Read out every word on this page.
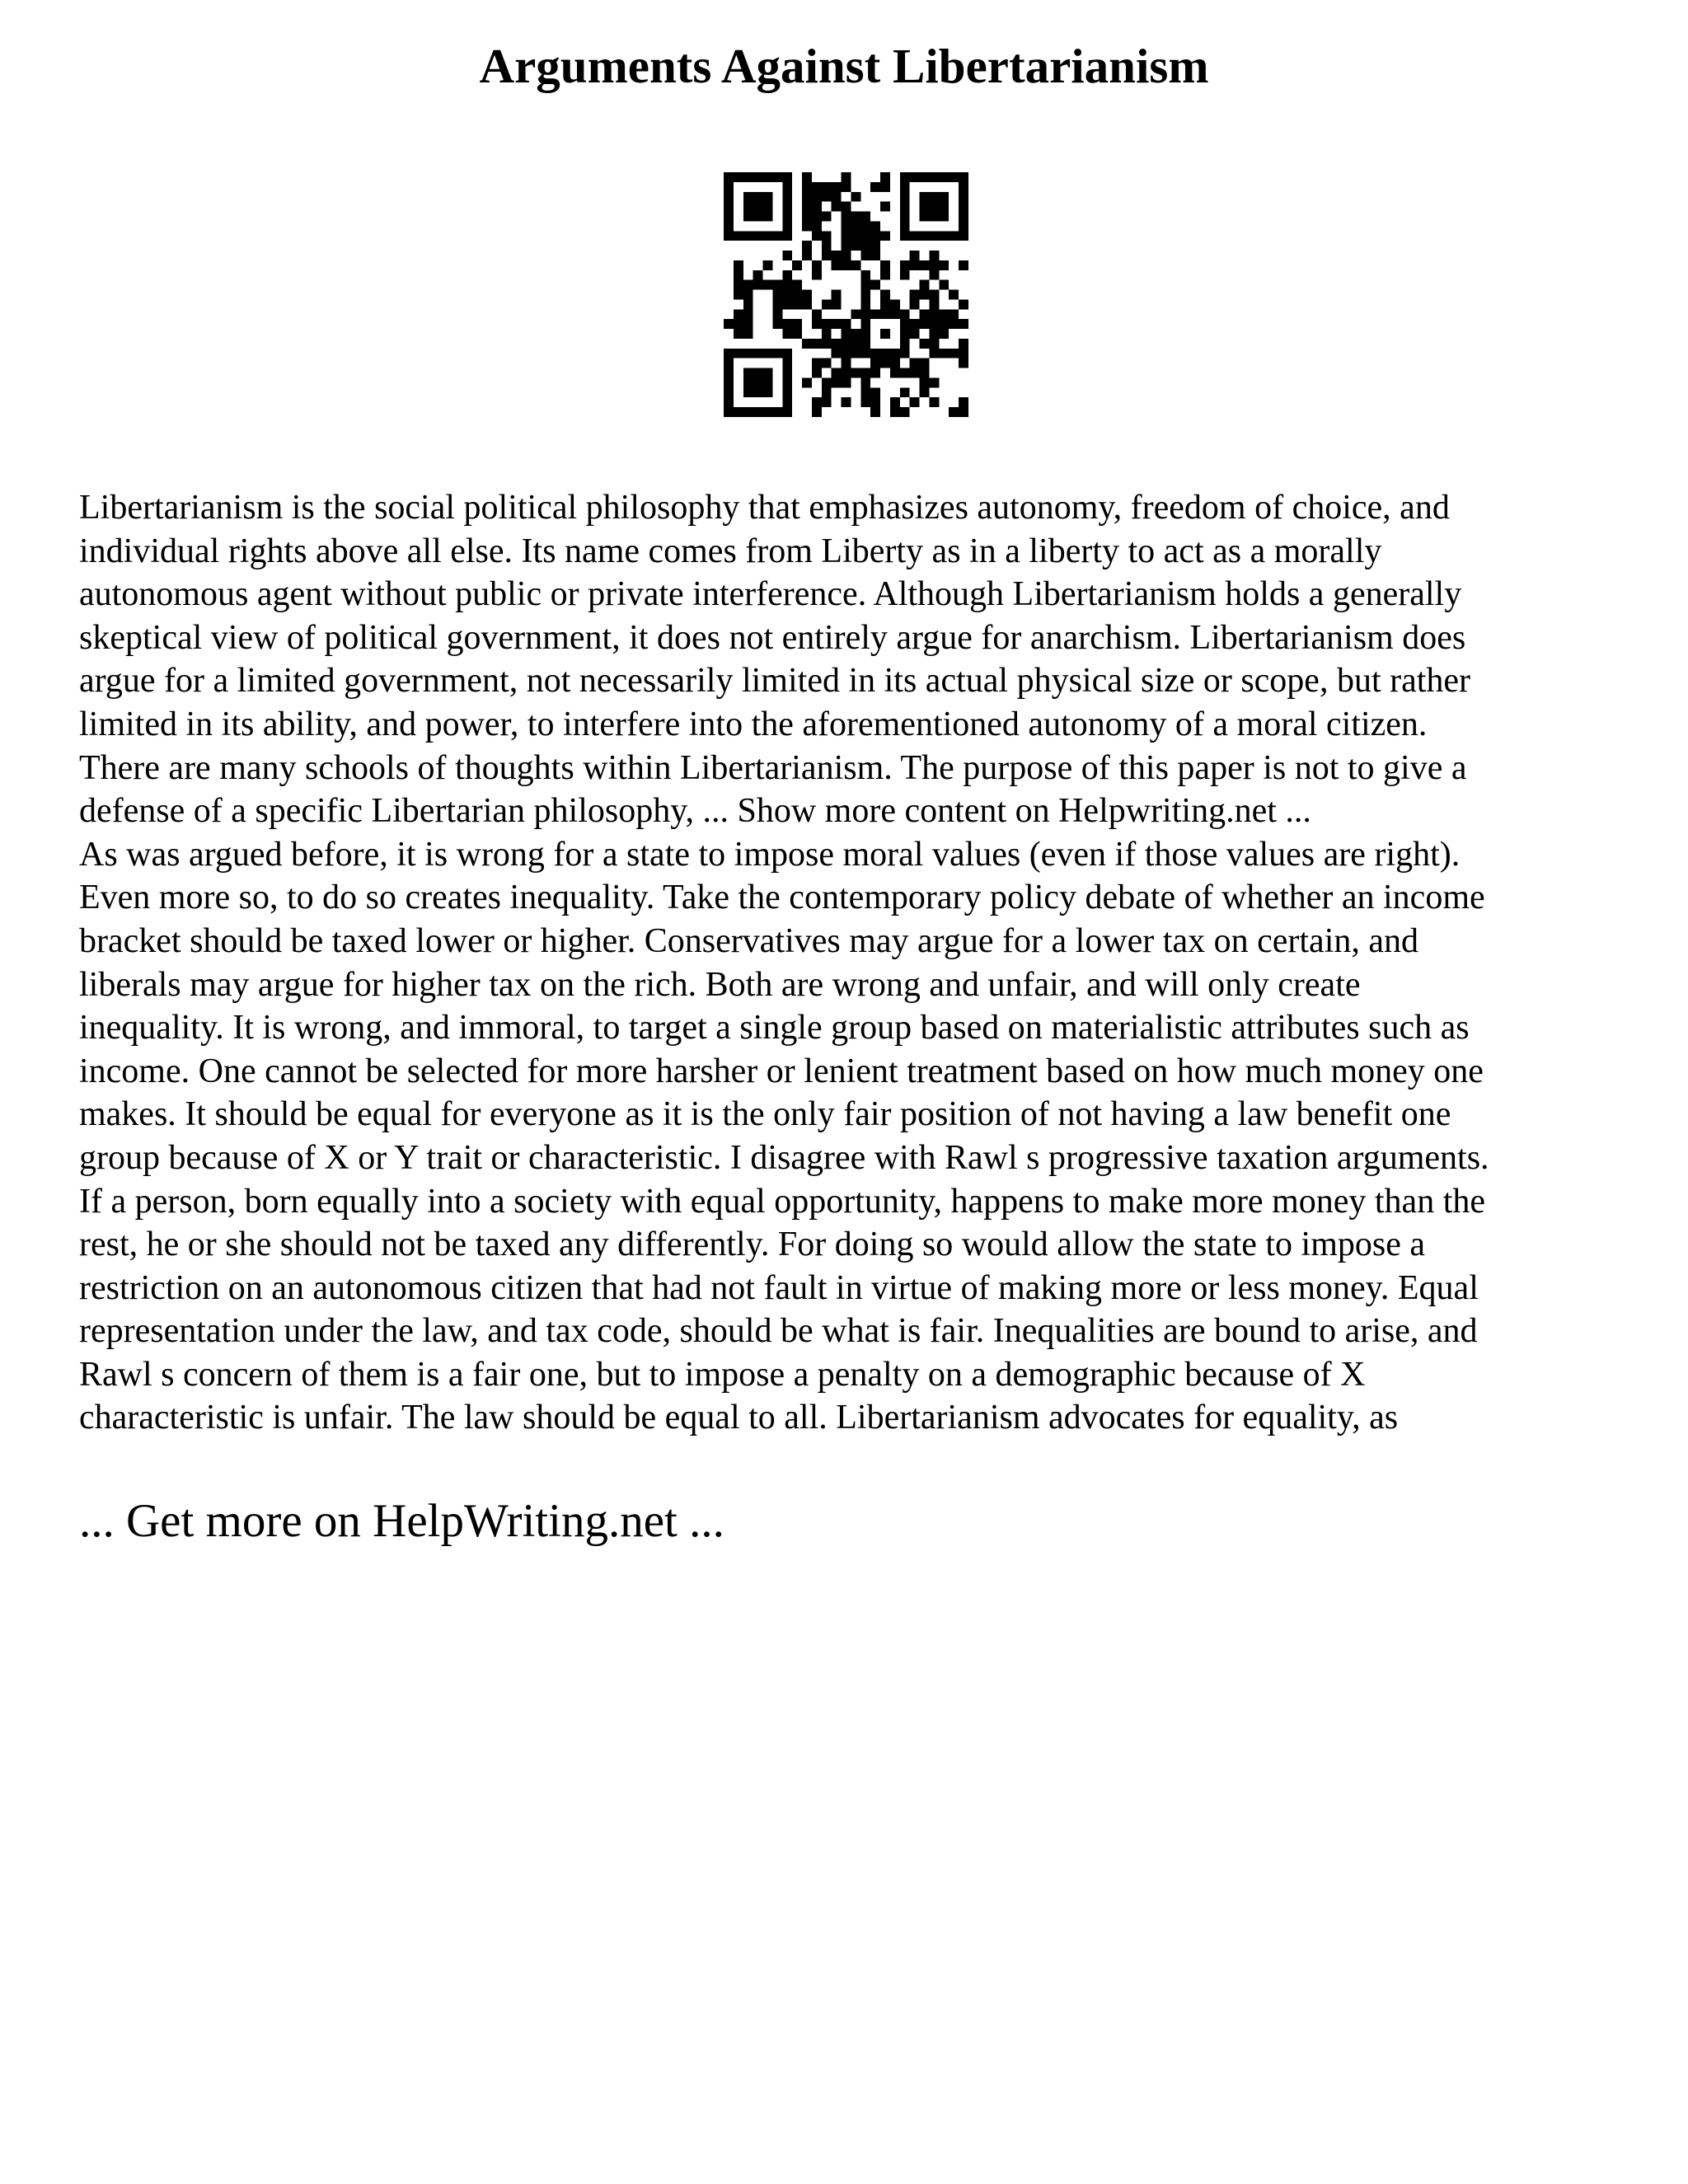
Arguments Against Libertarianism
Libertarianism is the social political philosophy that emphasizes autonomy, freedom of choice, and
individual rights above all else. Its name comes from Liberty as in a liberty to act as a morally
autonomous agent without public or private interference. Although Libertarianism holds a generally
skeptical view of political government, it does not entirely argue for anarchism. Libertarianism does
argue for a limited government, not necessarily limited in its actual physical size or scope, but rather
limited in its ability, and power, to interfere into the aforementioned autonomy of a moral citizen.
There are many schools of thoughts within Libertarianism. The purpose of this paper is not to give a
defense of a specific Libertarian philosophy, ... Show more content on Helpwriting.net ...
As was argued before, it is wrong for a state to impose moral values (even if those values are right).
Even more so, to do so creates inequality. Take the contemporary policy debate of whether an income
bracket should be taxed lower or higher. Conservatives may argue for a lower tax on certain, and
liberals may argue for higher tax on the rich. Both are wrong and unfair, and will only create
inequality. It is wrong, and immoral, to target a single group based on materialistic attributes such as
income. One cannot be selected for more harsher or lenient treatment based on how much money one
makes. It should be equal for everyone as it is the only fair position of not having a law benefit one
group because of X or Y trait or characteristic. I disagree with Rawl s progressive taxation arguments.
If a person, born equally into a society with equal opportunity, happens to make more money than the
rest, he or she should not be taxed any differently. For doing so would allow the state to impose a
restriction on an autonomous citizen that had not fault in virtue of making more or less money. Equal
representation under the law, and tax code, should be what is fair. Inequalities are bound to arise, and
Rawl s concern of them is a fair one, but to impose a penalty on a demographic because of X
characteristic is unfair. The law should be equal to all. Libertarianism advocates for equality, as
... Get more on HelpWriting.net ...
